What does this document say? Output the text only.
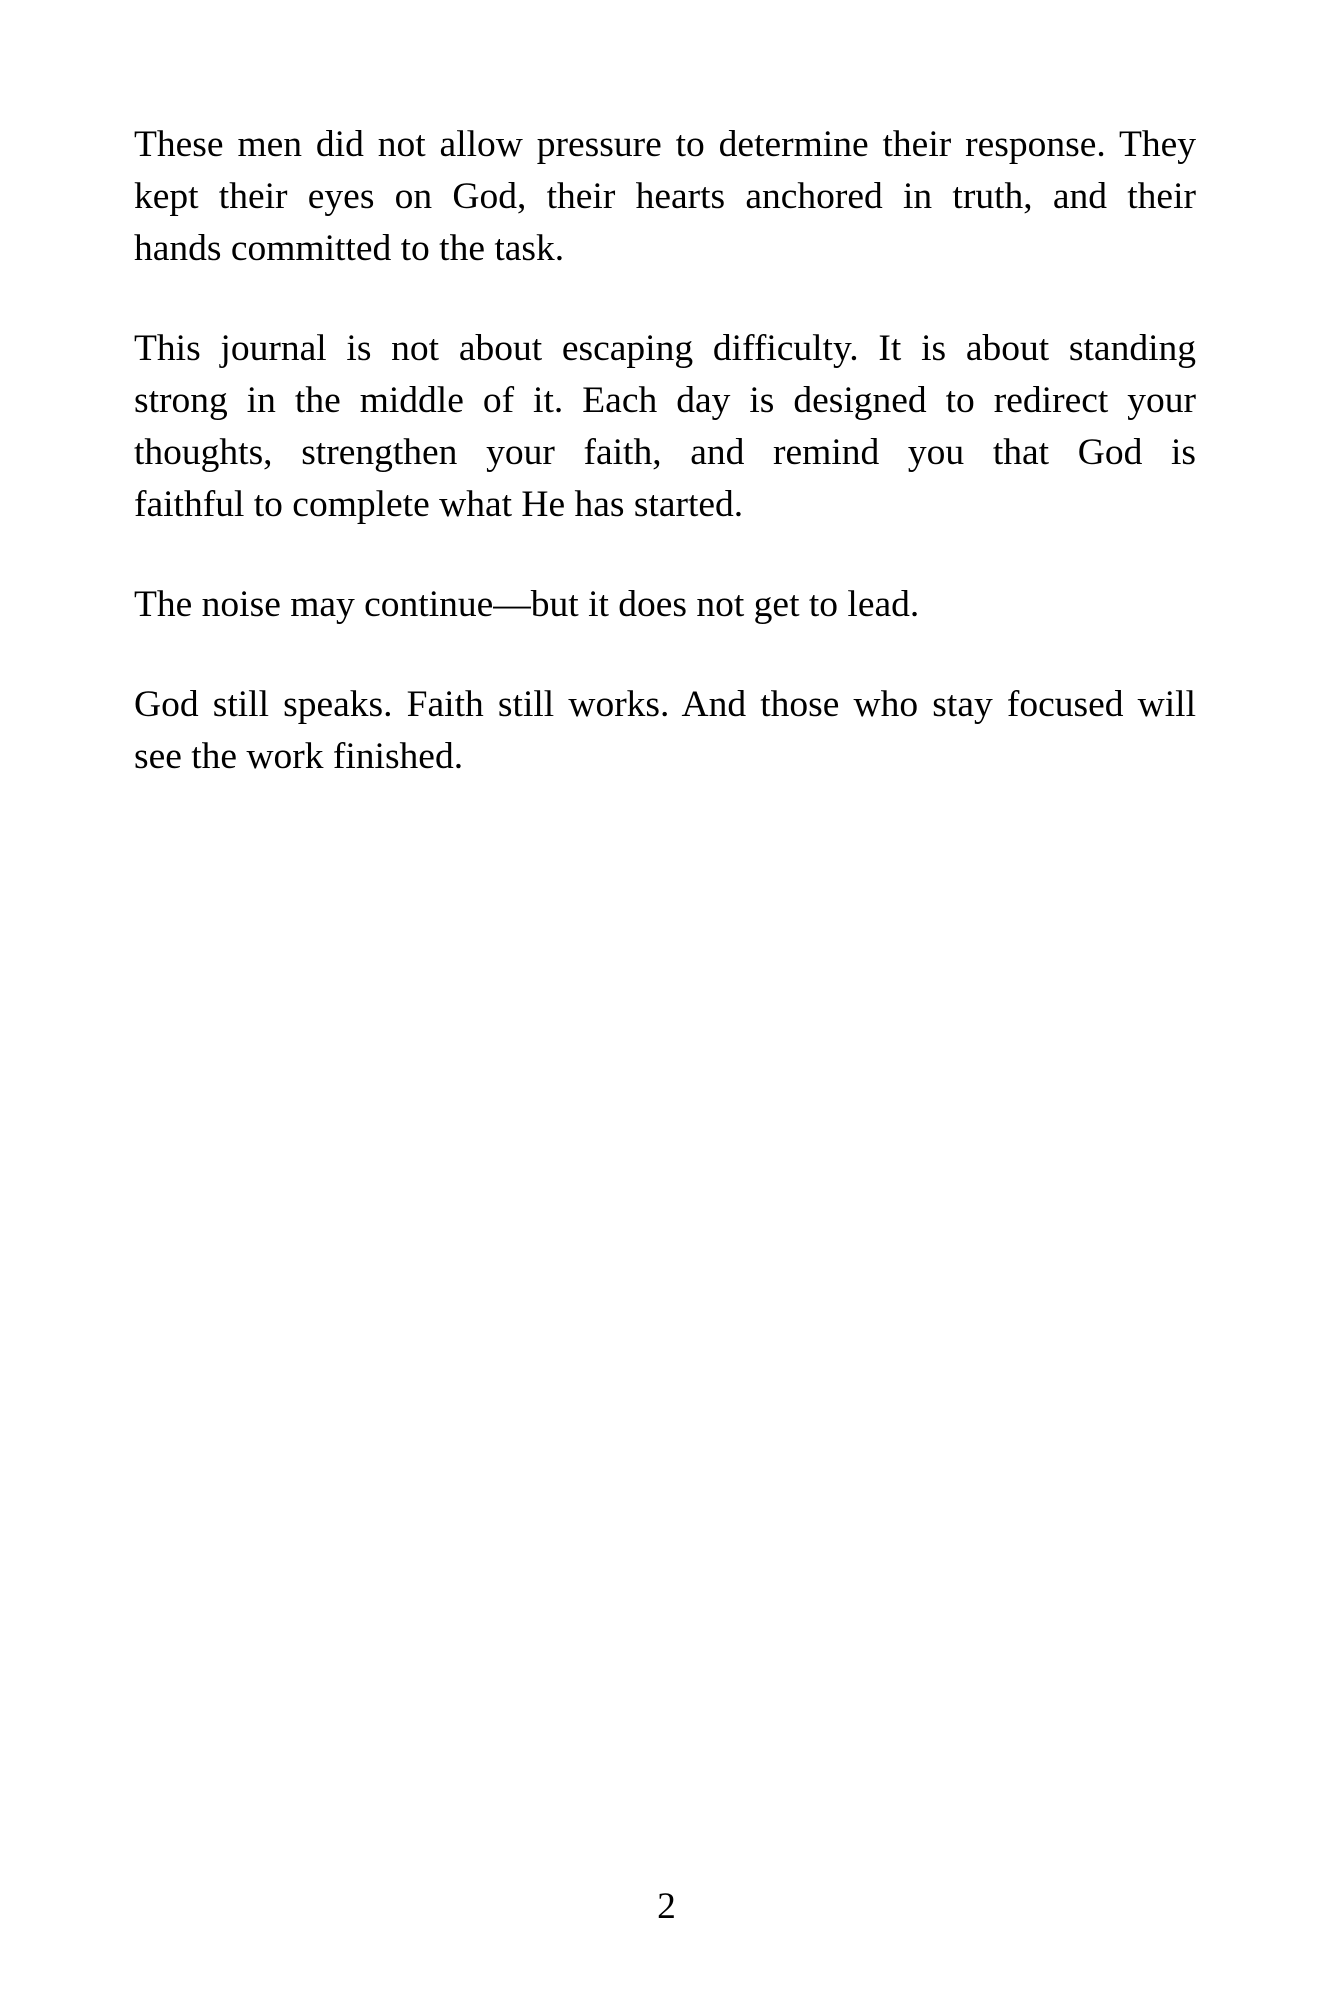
These men did not allow pressure to determine their response. They
kept their eyes on God, their hearts anchored in truth, and their
hands committed to the task.
This journal is not about escaping difficulty. It is about standing
strong in the middle of it. Each day is designed to redirect your
thoughts, strengthen your faith, and remind you that God is
faithful to complete what He has started.
The noise may continue—but it does not get to lead.
God still speaks. Faith still works. And those who stay focused will
see the work finished.
2
